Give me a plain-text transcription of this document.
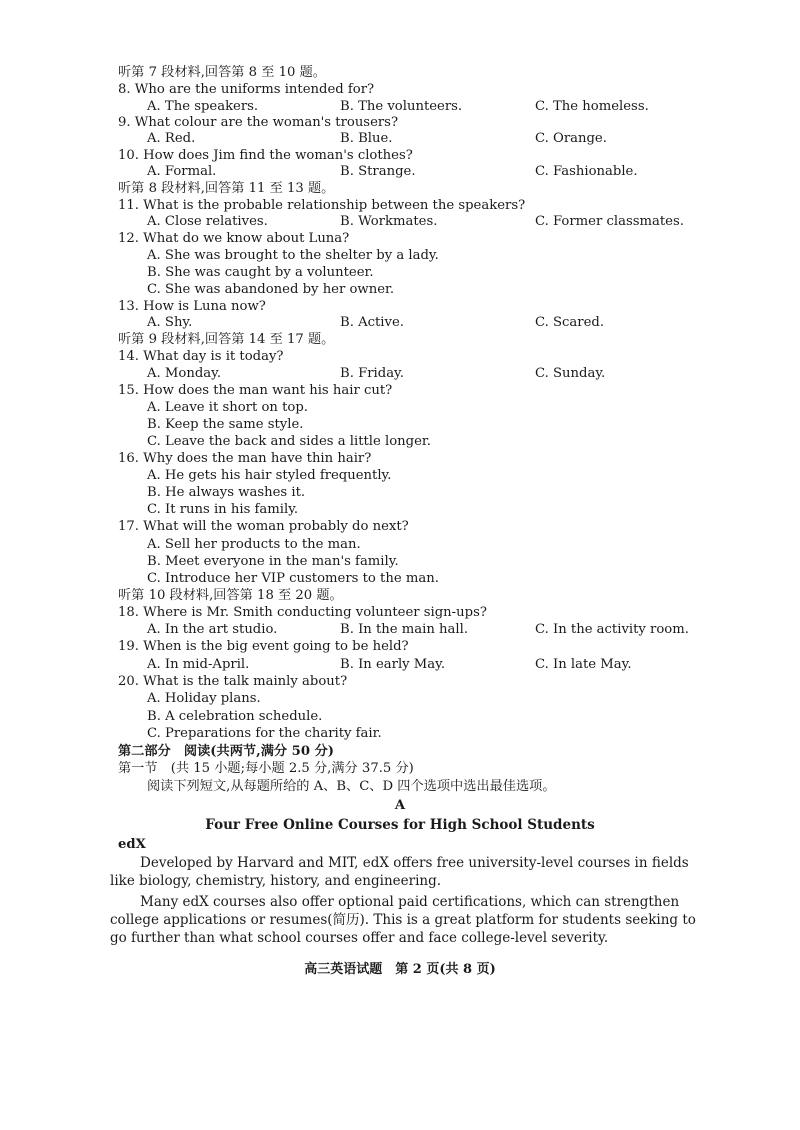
听第 7 段材料,回答第 8 至 10 题。
8. Who are the uniforms intended for?
A. The speakers.	B. The volunteers.	C. The homeless.
9. What colour are the woman's trousers?
A. Red.	B. Blue.	C. Orange.
10. How does Jim find the woman's clothes?
A. Formal.	B. Strange.	C. Fashionable.
听第 8 段材料,回答第 11 至 13 题。
11. What is the probable relationship between the speakers?
A. Close relatives.	B. Workmates.	C. Former classmates.
12. What do we know about Luna?
A. She was brought to the shelter by a lady.
B. She was caught by a volunteer.
C. She was abandoned by her owner.
13. How is Luna now?
A. Shy.	B. Active.	C. Scared.
听第 9 段材料,回答第 14 至 17 题。
14. What day is it today?
A. Monday.	B. Friday.	C. Sunday.
15. How does the man want his hair cut?
A. Leave it short on top.
B. Keep the same style.
C. Leave the back and sides a little longer.
16. Why does the man have thin hair?
A. He gets his hair styled frequently.
B. He always washes it.
C. It runs in his family.
17. What will the woman probably do next?
A. Sell her products to the man.
B. Meet everyone in the man's family.
C. Introduce her VIP customers to the man.
听第 10 段材料,回答第 18 至 20 题。
18. Where is Mr. Smith conducting volunteer sign-ups?
A. In the art studio.	B. In the main hall.	C. In the activity room.
19. When is the big event going to be held?
A. In mid-April.	B. In early May.	C. In late May.
20. What is the talk mainly about?
A. Holiday plans.
B. A celebration schedule.
C. Preparations for the charity fair.
第二部分　阅读(共两节,满分 50 分)
第一节　(共 15 小题;每小题 2.5 分,满分 37.5 分)
阅读下列短文,从每题所给的 A、B、C、D 四个选项中选出最佳选项。
A
Four Free Online Courses for High School Students
edX
Developed by Harvard and MIT, edX offers free university-level courses in fields like biology, chemistry, history, and engineering.
Many edX courses also offer optional paid certifications, which can strengthen college applications or resumes(简历). This is a great platform for students seeking to go further than what school courses offer and face college-level severity.
高三英语试题　第 2 页(共 8 页)
